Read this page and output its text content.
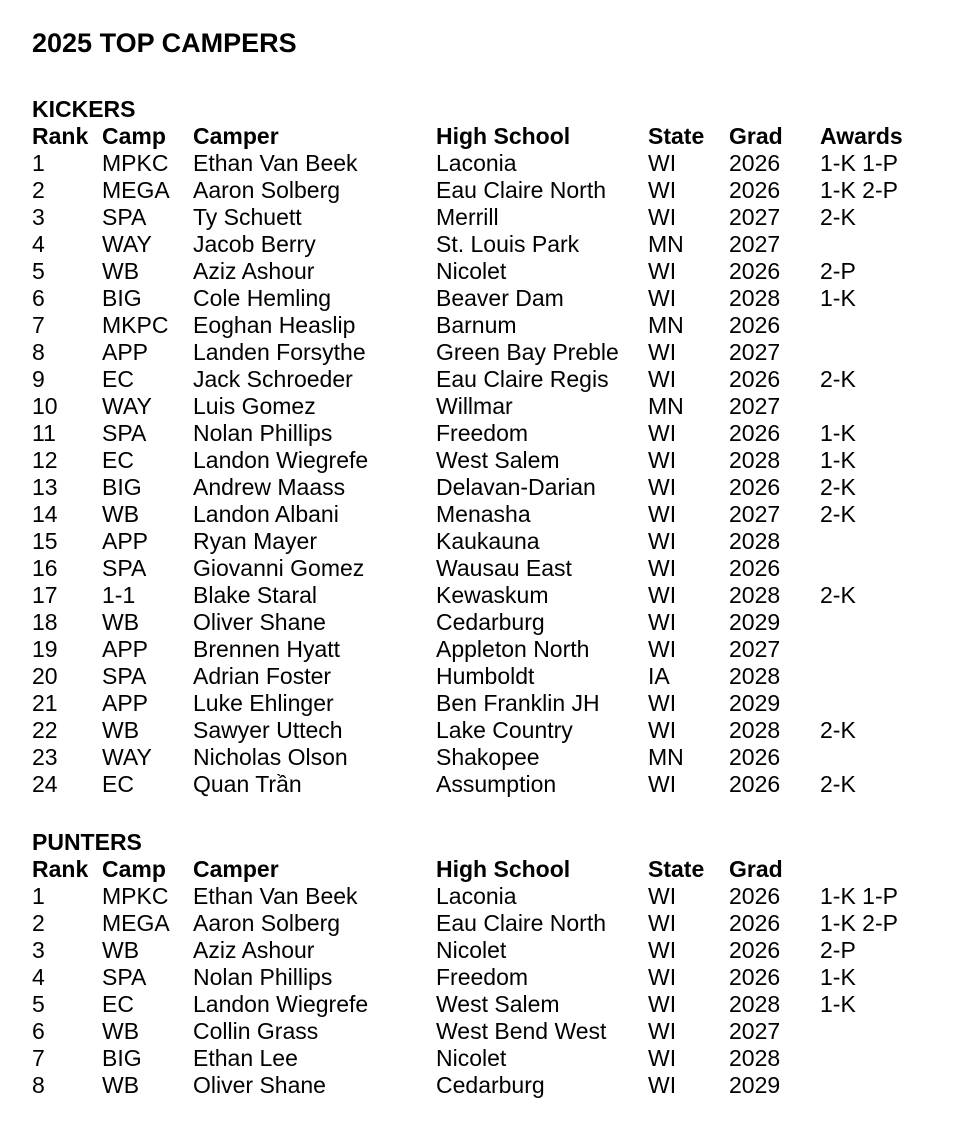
2025 TOP CAMPERS
KICKERS
Rank Camp Camper	High School	State Grad Awards
1 MPKC Ethan Van Beek	Laconia	WI 2026 1-K 1-P
2 MEGA Aaron Solberg	Eau Claire North WI 2026 1-K 2-P
3 SPA Ty Schuett	Merrill	WI 2027 2-K
4 WAY Jacob Berry	St. Louis Park	MN 2027
5 WB Aziz Ashour	Nicolet	WI 2026 2-P
6 BIG Cole Hemling	Beaver Dam	WI 2028 1-K
7 MKPC Eoghan Heaslip	Barnum	MN 2026
8 APP Landen Forsythe	Green Bay Preble WI 2027
9 EC	Jack Schroeder	Eau Claire Regis WI 2026 2-K
10 WAY Luis Gomez	Willmar	MN 2027
11 SPA Nolan Phillips	Freedom	WI 2026 1-K
12 EC	Landon Wiegrefe	West Salem	WI 2028 1-K
13 BIG Andrew Maass	Delavan-Darian WI 2026 2-K
14 WB Landon Albani	Menasha	WI 2027 2-K
15 APP Ryan Mayer	Kaukauna	WI 2028
16 SPA Giovanni Gomez	Wausau East	WI 2026
17 1-1	Blake Staral	Kewaskum	WI 2028 2-K
18 WB Oliver Shane	Cedarburg	WI 2029
19 APP Brennen Hyatt	Appleton North	WI 2027
20 SPA Adrian Foster	Humboldt	IA	2028
21 APP Luke Ehlinger	Ben Franklin JH WI 2029
22 WB Sawyer Uttech	Lake Country	WI 2028 2-K
23 WAY Nicholas Olson	Shakopee	MN 2026
24 EC	Quan Trần	Assumption	WI 2026 2-K
PUNTERS
Rank Camp Camper	High School	State Grad
1 MPKC Ethan Van Beek	Laconia	WI 2026 1-K 1-P
2 MEGA Aaron Solberg	Eau Claire North WI 2026 1-K 2-P
3 WB Aziz Ashour	Nicolet	WI 2026 2-P
4 SPA Nolan Phillips	Freedom	WI 2026 1-K
5 EC	Landon Wiegrefe	West Salem	WI 2028 1-K
6 WB Collin Grass	West Bend West WI 2027
7 BIG Ethan Lee	Nicolet	WI 2028
8 WB Oliver Shane	Cedarburg	WI 2029
